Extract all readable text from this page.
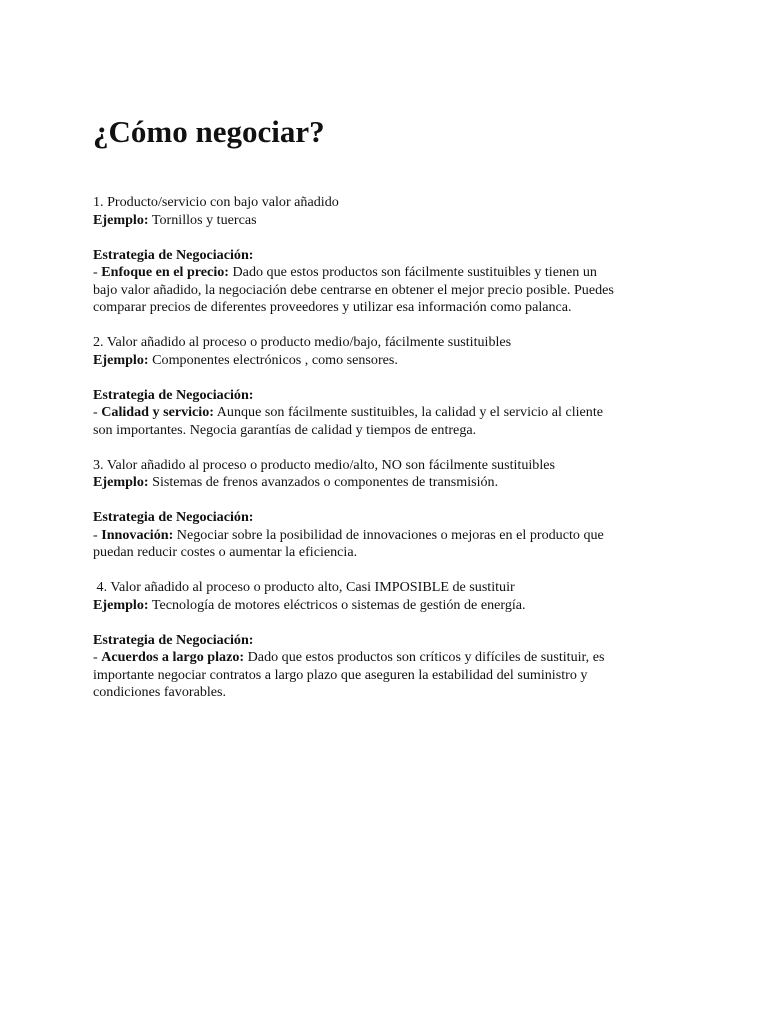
¿Cómo negociar?
1. Producto/servicio con bajo valor añadido
Ejemplo: Tornillos y tuercas
Estrategia de Negociación:
- Enfoque en el precio: Dado que estos productos son fácilmente sustituibles y tienen un
bajo valor añadido, la negociación debe centrarse en obtener el mejor precio posible. Puedes
comparar precios de diferentes proveedores y utilizar esa información como palanca.
2. Valor añadido al proceso o producto medio/bajo, fácilmente sustituibles
Ejemplo: Componentes electrónicos , como sensores.
Estrategia de Negociación:
- Calidad y servicio: Aunque son fácilmente sustituibles, la calidad y el servicio al cliente
son importantes. Negocia garantías de calidad y tiempos de entrega.
3. Valor añadido al proceso o producto medio/alto, NO son fácilmente sustituibles
Ejemplo: Sistemas de frenos avanzados o componentes de transmisión.
Estrategia de Negociación:
- Innovación: Negociar sobre la posibilidad de innovaciones o mejoras en el producto que
puedan reducir costes o aumentar la eficiencia.
4. Valor añadido al proceso o producto alto, Casi IMPOSIBLE de sustituir
Ejemplo: Tecnología de motores eléctricos o sistemas de gestión de energía.
Estrategia de Negociación:
- Acuerdos a largo plazo: Dado que estos productos son críticos y difíciles de sustituir, es
importante negociar contratos a largo plazo que aseguren la estabilidad del suministro y
condiciones favorables.
